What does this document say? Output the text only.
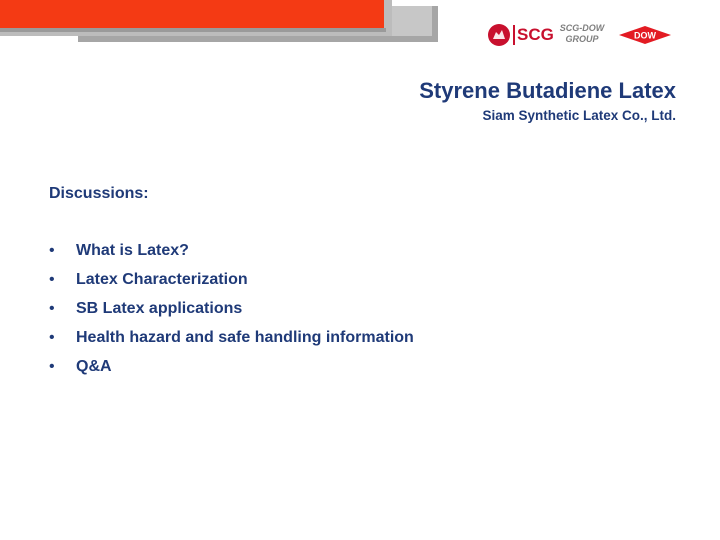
SCG SCG-DOW
GROUP	DOW
Styrene Butadiene Latex
Siam Synthetic Latex Co., Ltd.
Discussions:
• What is Latex?
• Latex Characterization
• SB Latex applications
• Health hazard and safe handling information
• Q&A
